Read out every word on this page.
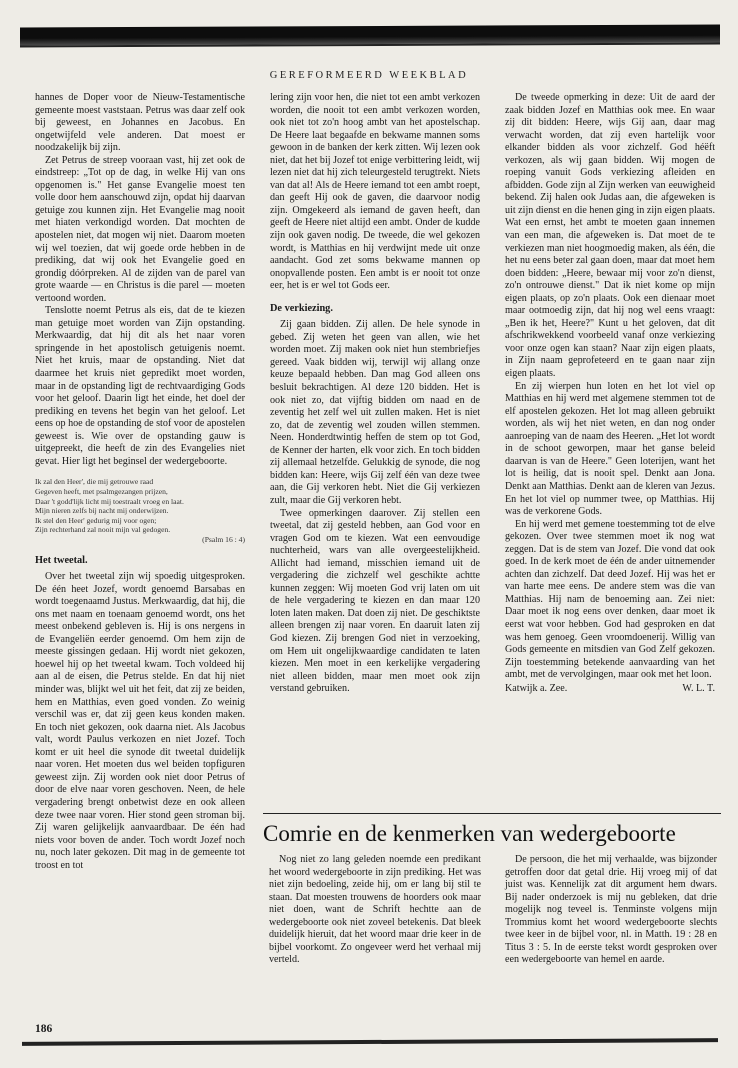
GEREFORMEERD WEEKBLAD

hannes de Doper voor de Nieuw-Testamentische gemeente moest vaststaan. Petrus was daar zelf ook bij geweest, en Johannes en Jacobus. En ongetwijfeld vele anderen. Dat moest er noodzakelijk bij zijn.

Zet Petrus de streep vooraan vast, hij zet ook de eindstreep: „Tot op de dag, in welke Hij van ons opgenomen is." Het ganse Evangelie moest ten volle door hem aanschouwd zijn, opdat hij daarvan getuige zou kunnen zijn. Het Evangelie mag nooit met hiaten verkondigd worden. Dat mochten de apostelen niet, dat mogen wij niet. Daarom moeten wij wel toezien, dat wij goede orde hebben in de prediking, dat wij ook het Evangelie goed en grondig dóórpreken. Al de zijden van de parel van grote waarde — en Christus is die parel — moeten vertoond worden.

Tenslotte noemt Petrus als eis, dat de te kiezen man getuige moet worden van Zijn opstanding. Merkwaardig, dat hij dit als het naar voren springende in het apostolisch getuigenis noemt. Niet het kruis, maar de opstanding. Niet dat daarmee het kruis niet gepredikt moet worden, maar in de opstanding ligt de rechtvaardiging Gods voor het geloof. Daarin ligt het einde, het doel der prediking en tevens het begin van het geloof. Let eens op hoe de opstanding de stof voor de apostelen geweest is. Wie over de opstanding gauw is uitgepreekt, die heeft de zin des Evangelies niet gevat. Hier ligt het beginsel der wedergeboorte.

Ik zal den Heer', die mij getrouwe raad
Gegeven heeft, met psalmgezangen prijzen,
Daar 't godd'lijk licht mij toestraalt vroeg en laat.
Mijn nieren zelfs bij nacht mij onderwijzen.
Ik stel den Heer' gedurig mij voor ogen;
Zijn rechterhand zal nooit mijn val gedogen.
(Psalm 16 : 4)
Het tweetal.

Over het tweetal zijn wij spoedig uitgesproken. De één heet Jozef, wordt genoemd Barsabas en wordt toegenaamd Justus. Merkwaardig, dat hij, die ons met naam en toenaam genoemd wordt, ons het meest onbekend gebleven is. Hij is ons nergens in de Evangeliën eerder genoemd. Om hem zijn de meeste gissingen gedaan. Hij wordt niet gekozen, hoewel hij op het tweetal kwam. Toch voldeed hij aan al de eisen, die Petrus stelde. En dat hij niet minder was, blijkt wel uit het feit, dat zij ze beiden, hem en Matthias, even goed vonden. Zo weinig verschil was er, dat zij geen keus konden maken. En toch niet gekozen, ook daarna niet. Als Jacobus valt, wordt Paulus verkozen en niet Jozef. Toch komt er uit heel die synode dit tweetal duidelijk naar voren. Het moeten dus wel beiden topfiguren geweest zijn. Zij worden ook niet door Petrus of door de elve naar voren geschoven. Neen, de hele vergadering brengt onbetwist deze en ook alleen deze twee naar voren. Hier stond geen stroman bij. Zij waren gelijkelijk aanvaardbaar. De één had niets voor boven de ander. Toch wordt Jozef noch nu, noch later gekozen. Dit mag in de gemeente tot troost en tot

lering zijn voor hen, die niet tot een ambt verkozen worden, die nooit tot een ambt verkozen worden, ook niet tot zo'n hoog ambt van het apostelschap. De Heere laat begaafde en bekwame mannen soms gewoon in de banken der kerk zitten. Wij lezen ook niet, dat het bij Jozef tot enige verbittering leidt, wij lezen niet dat hij zich teleurgesteld terugtrekt. Niets van dat al! Als de Heere iemand tot een ambt roept, dan geeft Hij ook de gaven, die daarvoor nodig zijn. Omgekeerd als iemand de gaven heeft, dan geeft de Heere niet altijd een ambt. Onder de kudde zijn ook gaven nodig. De tweede, die wel gekozen wordt, is Matthias en hij verdwijnt mede uit onze aandacht. God zet soms bekwame mannen op onopvallende posten. Een ambt is er nooit tot onze eer, het is er wel tot Gods eer.

De verkiezing.

Zij gaan bidden. Zij allen. De hele synode in gebed. Zij weten het geen van allen, wie het worden moet. Zij maken ook niet hun stembriefjes gereed. Vaak bidden wij, terwijl wij allang onze keuze bepaald hebben. Dan mag God alleen ons besluit bekrachtigen. Al deze 120 bidden. Het is ook niet zo, dat vijftig bidden om naad en de zeventig het zelf wel uit zullen maken. Het is niet zo, dat de zeventig wel zouden willen stemmen. Neen. Honderdtwintig heffen de stem op tot God, de Kenner der harten, elk voor zich. En toch bidden zij allemaal hetzelfde. Gelukkig de synode, die nog bidden kan: Heere, wijs Gij zelf één van deze twee aan, die Gij verkoren hebt. Niet die Gij verkiezen zult, maar die Gij verkoren hebt.

Twee opmerkingen daarover. Zij stellen een tweetal, dat zij gesteld hebben, aan God voor en vragen God om te kiezen. Wat een eenvoudige nuchterheid, wars van alle overgeestelijkheid. Allicht had iemand, misschien iemand uit de vergadering die zichzelf wel geschikte achtte kunnen zeggen: Wij moeten God vrij laten om uit de hele vergadering te kiezen en dan maar 120 loten laten maken. Dat doen zij niet. De geschiktste alleen brengen zij naar voren. En daaruit laten zij God kiezen. Zij brengen God niet in verzoeking, om Hem uit ongelijkwaardige candidaten te laten kiezen. Men moet in een kerkelijke vergadering niet alleen bidden, maar men moet ook zijn verstand gebruiken.

De tweede opmerking in deze: Uit de aard der zaak bidden Jozef en Matthias ook mee. En waar zij dit bidden: Heere, wijs Gij aan, daar mag verwacht worden, dat zij even hartelijk voor elkander bidden als voor zichzelf. God héëft verkozen, als wij gaan bidden. Wij mogen de roeping vanuit Gods verkiezing afleiden en afbidden. Gode zijn al Zijn werken van eeuwigheid bekend. Zij halen ook Judas aan, die afgeweken is uit zijn dienst en die henen ging in zijn eigen plaats. Wat een ernst, het ambt te moeten gaan innemen van een man, die afgeweken is. Dat moet de te verkiezen man niet hoogmoedig maken, als één, die het nu eens beter zal gaan doen, maar dat moet hem doen bidden: „Heere, bewaar mij voor zo'n dienst, zo'n ontrouwe dienst." Dat ik niet kome op mijn eigen plaats, op zo'n plaats. Ook een dienaar moet maar ootmoedig zijn, dat hij nog wel eens vraagt: „Ben ik het, Heere?" Kunt u het geloven, dat dit afschrikwekkend voorbeeld vanaf onze verkiezing voor onze ogen kan staan? Naar zijn eigen plaats, in Zijn naam geprofeteerd en te gaan naar zijn eigen plaats.

En zij wierpen hun loten en het lot viel op Matthias en hij werd met algemene stemmen tot de elf apostelen gekozen. Het lot mag alleen gebruikt worden, als wij het niet weten, en dan nog onder aanroeping van de naam des Heeren. „Het lot wordt in de schoot geworpen, maar het ganse beleid daarvan is van de Heere." Geen loterijen, want het lot is heilig, dat is nooit spel. Denkt aan Jona. Denkt aan Matthias. Denkt aan de kleren van Jezus. En het lot viel op nummer twee, op Matthias. Hij was de verkorene Gods.

En hij werd met gemene toestemming tot de elve gekozen. Over twee stemmen moet ik nog wat zeggen. Dat is de stem van Jozef. Die vond dat ook goed. In de kerk moet de één de ander uitnemender achten dan zichzelf. Dat deed Jozef. Hij was het er van harte mee eens. De andere stem was die van Matthias. Hij nam de benoeming aan. Zei niet: Daar moet ik nog eens over denken, daar moet ik eerst wat voor hebben. God had gesproken en dat was hem genoeg. Geen vroomdoenerij. Willig van Gods gemeente en mitsdien van God Zelf gekozen. Zijn toestemming betekende aanvaarding van het ambt, met de vervolgingen, maar ook met het loon.

Katwijk a. Zee.	W. L. T.
Comrie en de kenmerken van wedergeboorte

Nog niet zo lang geleden noemde een predikant het woord wedergeboorte in zijn prediking. Het was niet zijn bedoeling, zeide hij, om er lang bij stil te staan. Dat moesten trouwens de hoorders ook maar niet doen, want de Schrift hechtte aan de wedergeboorte ook niet zoveel betekenis. Dat bleek duidelijk hieruit, dat het woord maar drie keer in de bijbel voorkomt. Zo ongeveer werd het verhaal mij verteld.

De persoon, die het mij verhaalde, was bijzonder getroffen door dat getal drie. Hij vroeg mij of dat juist was. Kennelijk zat dit argument hem dwars. Bij nader onderzoek is mij nu gebleken, dat drie mogelijk nog teveel is. Tenminste volgens mijn Trommius komt het woord wedergeboorte slechts twee keer in de bijbel voor, nl. in Matth. 19 : 28 en Titus 3 : 5. In de eerste tekst wordt gesproken over een wedergeboorte van hemel en aarde.

186
